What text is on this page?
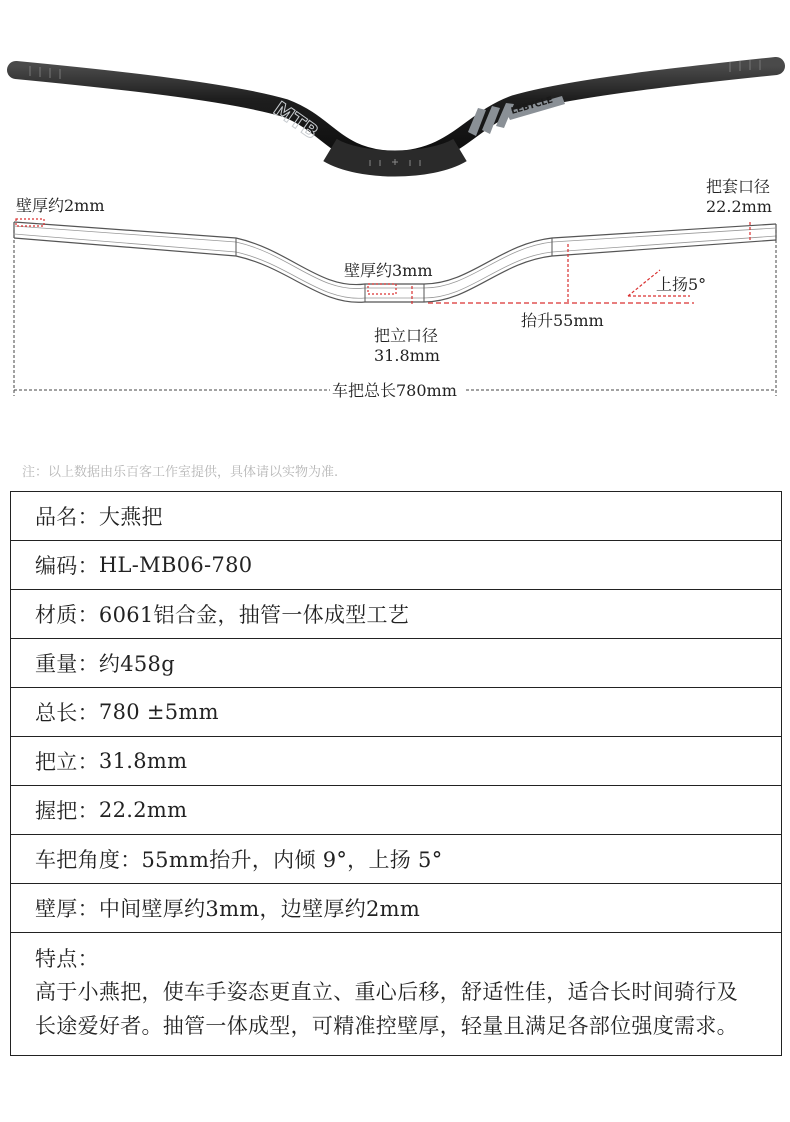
MTB	LEBYCLE
壁厚约2mm
把套口径
22.2mm
壁厚约3mm
上扬5°
抬升55mm
把立口径
31.8mm
车把总长780mm
注：以上数据由乐百客工作室提供，具体请以实物为准.
品名： 大燕把
编码： HL-MB06-780
材质： 6061铝合金，抽管一体成型工艺
重量： 约458g
总长： 780 ±5mm
把立： 31.8mm
握把： 22.2mm
车把角度： 55mm抬升，内倾 9°，上扬 5°
壁厚： 中间壁厚约3mm，边壁厚约2mm
特点：
高于小燕把，使车手姿态更直立、重心后移，舒适性佳，适合长时间骑行及长途爱好者。抽管一体成型，可精准控壁厚，轻量且满足各部位强度需求。
